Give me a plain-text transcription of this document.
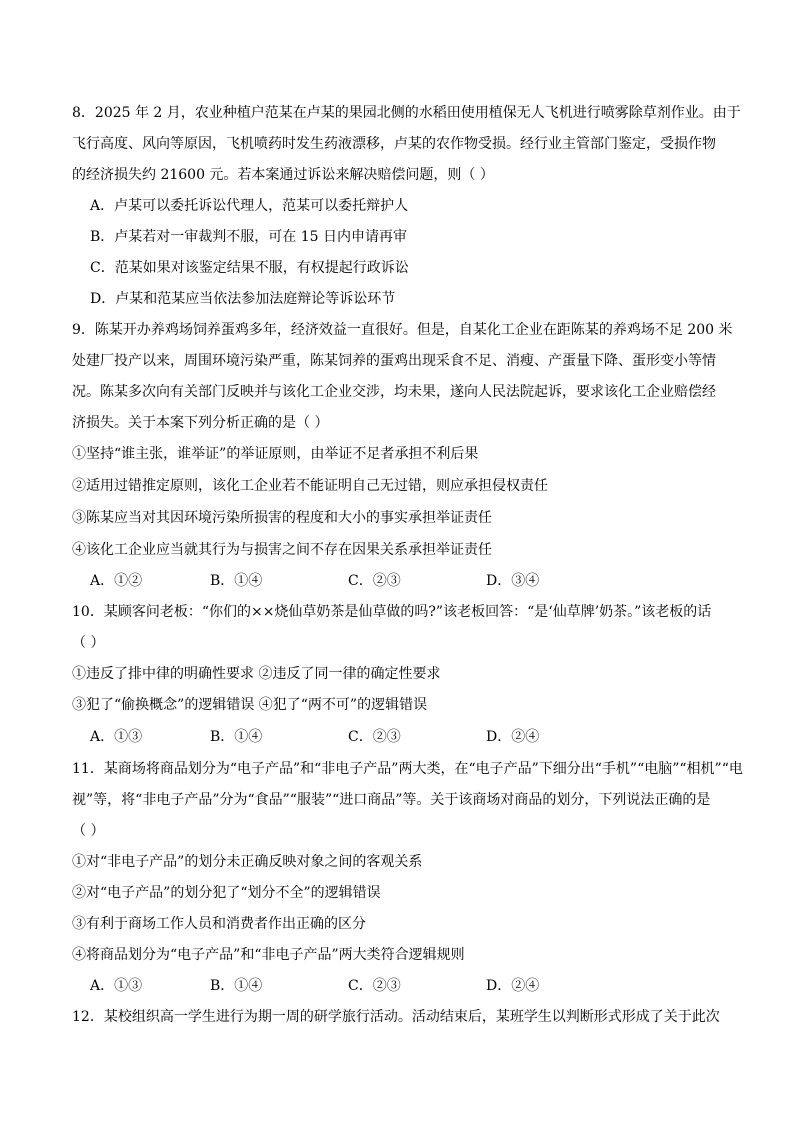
8．2025 年 2 月，农业种植户范某在卢某的果园北侧的水稻田使用植保无人飞机进行喷雾除草剂作业。由于
飞行高度、风向等原因，飞机喷药时发生药液漂移，卢某的农作物受损。经行业主管部门鉴定，受损作物
的经济损失约 21600 元。若本案通过诉讼来解决赔偿问题，则（ ）
A．卢某可以委托诉讼代理人，范某可以委托辩护人
B．卢某若对一审裁判不服，可在 15 日内申请再审
C．范某如果对该鉴定结果不服，有权提起行政诉讼
D．卢某和范某应当依法参加法庭辩论等诉讼环节
9．陈某开办养鸡场饲养蛋鸡多年，经济效益一直很好。但是，自某化工企业在距陈某的养鸡场不足 200 米
处建厂投产以来，周围环境污染严重，陈某饲养的蛋鸡出现采食不足、消瘦、产蛋量下降、蛋形变小等情
况。陈某多次向有关部门反映并与该化工企业交涉，均未果，遂向人民法院起诉，要求该化工企业赔偿经
济损失。关于本案下列分析正确的是（ ）
①坚持“谁主张，谁举证”的举证原则，由举证不足者承担不利后果
②适用过错推定原则，该化工企业若不能证明自己无过错，则应承担侵权责任
③陈某应当对其因环境污染所损害的程度和大小的事实承担举证责任
④该化工企业应当就其行为与损害之间不存在因果关系承担举证责任
A．①②	B．①④	C．②③	D．③④
10．某顾客问老板：“你们的××烧仙草奶茶是仙草做的吗?”该老板回答：“是‘仙草牌’奶茶。”该老板的话
（ ）
①违反了排中律的明确性要求 ②违反了同一律的确定性要求
③犯了“偷换概念”的逻辑错误 ④犯了“两不可”的逻辑错误
A．①③	B．①④	C．②③	D．②④
11．某商场将商品划分为“电子产品”和“非电子产品”两大类，在“电子产品”下细分出“手机”“电脑”“相机”“电
视”等，将“非电子产品”分为“食品”“服装”“进口商品”等。关于该商场对商品的划分，下列说法正确的是
（ ）
①对“非电子产品”的划分未正确反映对象之间的客观关系
②对“电子产品”的划分犯了“划分不全”的逻辑错误
③有利于商场工作人员和消费者作出正确的区分
④将商品划分为“电子产品”和“非电子产品”两大类符合逻辑规则
A．①③	B．①④	C．②③	D．②④
12．某校组织高一学生进行为期一周的研学旅行活动。活动结束后，某班学生以判断形式形成了关于此次
